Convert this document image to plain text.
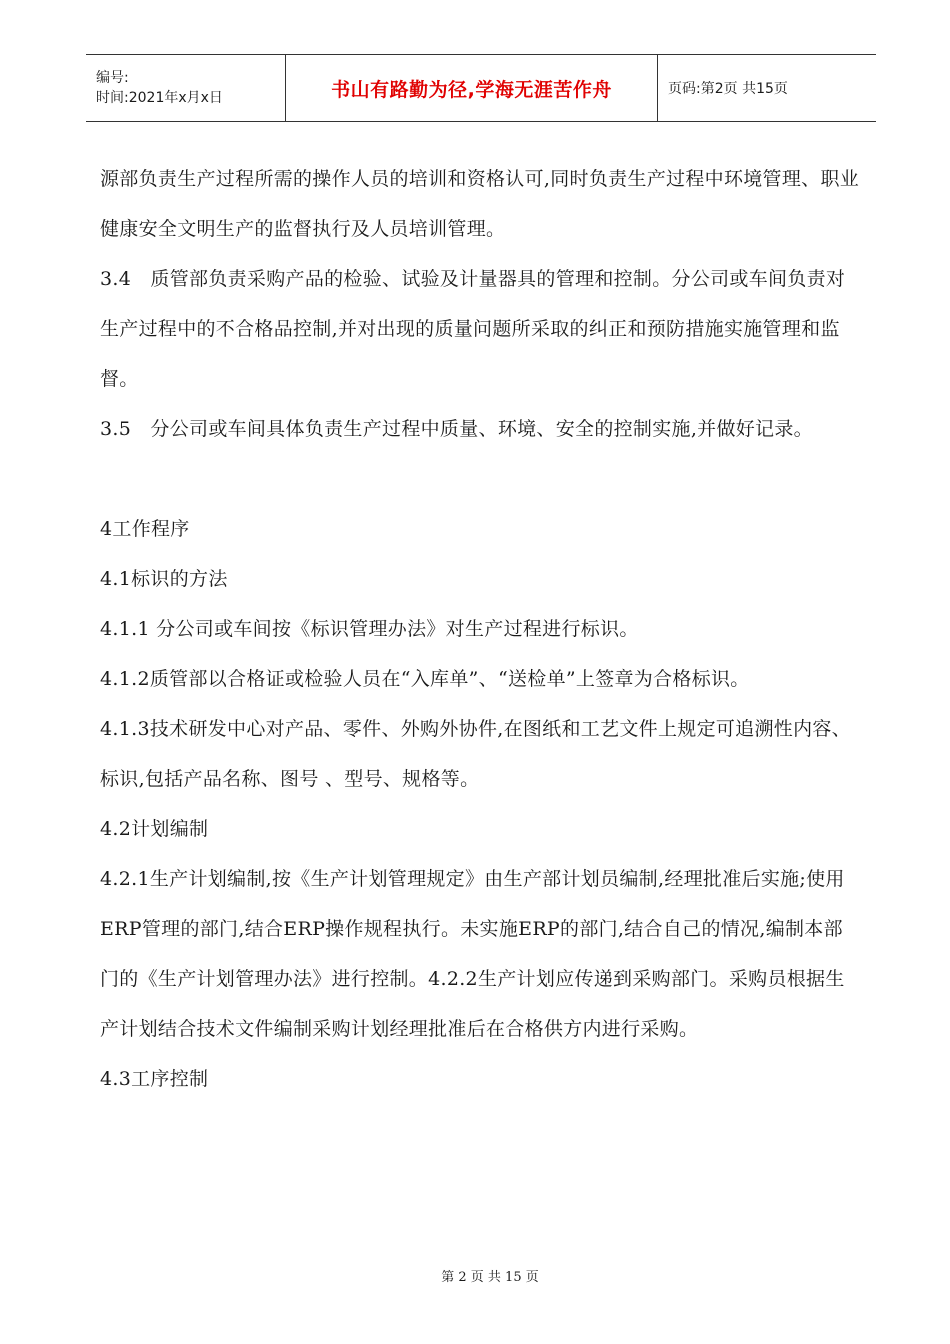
编号:
时间:2021年x月x日	书山有路勤为径,学海无涯苦作舟	页码:第2页 共15页

源部负责生产过程所需的操作人员的培训和资格认可,同时负责生产过程中环境管理、职业健康安全文明生产的监督执行及人员培训管理。

3.4　质管部负责采购产品的检验、试验及计量器具的管理和控制。分公司或车间负责对生产过程中的不合格品控制,并对出现的质量问题所采取的纠正和预防措施实施管理和监督。

3.5　分公司或车间具体负责生产过程中质量、环境、安全的控制实施,并做好记录。

4工作程序

4.1标识的方法

4.1.1 分公司或车间按《标识管理办法》对生产过程进行标识。

4.1.2质管部以合格证或检验人员在“入库单”、“送检单”上签章为合格标识。

4.1.3技术研发中心对产品、零件、外购外协件,在图纸和工艺文件上规定可追溯性内容、标识,包括产品名称、图号 、型号、规格等。

4.2计划编制

4.2.1生产计划编制,按《生产计划管理规定》由生产部计划员编制,经理批准后实施;使用ERP管理的部门,结合ERP操作规程执行。未实施ERP的部门,结合自己的情况,编制本部门的《生产计划管理办法》进行控制。4.2.2生产计划应传递到采购部门。采购员根据生产计划结合技术文件编制采购计划经理批准后在合格供方内进行采购。

4.3工序控制

第 2 页 共 15 页
